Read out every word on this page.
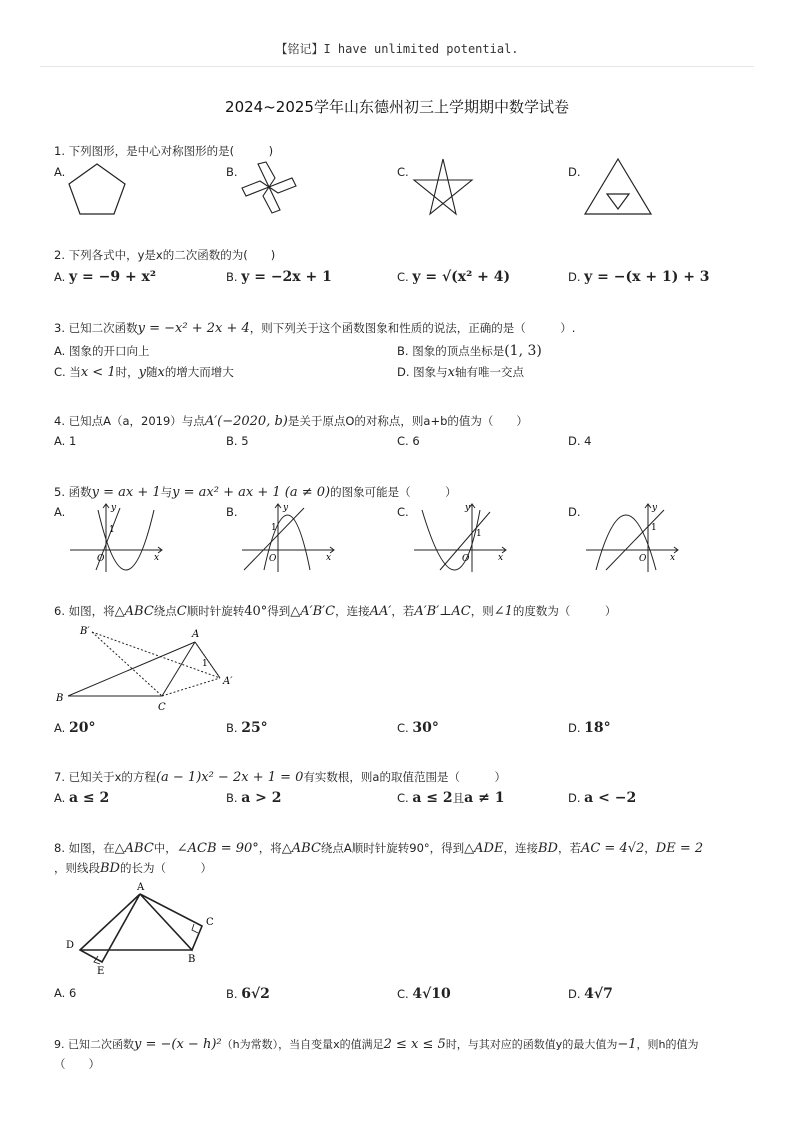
【铭记】I have unlimited potential.
2024~2025学年山东德州初三上学期期中数学试卷
1. 下列图形，是中心对称图形的是(　　　)
A.	B.	C.	D.
2. 下列各式中，y是x的二次函数的为(　　)
A. y = −9 + x²	B. y = −2x + 1	C. y = √(x² + 4)	D. y = −(x + 1) + 3
3. 已知二次函数y = −x² + 2x + 4，则下列关于这个函数图象和性质的说法，正确的是（　　　）.
A. 图象的开口向上	B. 图象的顶点坐标是(1, 3)
C. 当x < 1时，y随x的增大而增大	D. 图象与x轴有唯一交点
4. 已知点A（a，2019）与点A′(−2020, b)是关于原点O的对称点，则a+b的值为（　　）
A. 1	B. 5	C. 6	D. 4
5. 函数y = ax + 1与y = ax² + ax + 1 (a ≠ 0)的图象可能是（　　　）
A.	B.	C.	D.
y
x
O
1
y
x
O
1
y
x
O
1
y
x
O
1
6. 如图，将△ABC绕点C顺时针旋转40°得到△A′B′C，连接AA′，若A′B′⊥AC，则∠1的度数为（　　　）
B′	A
A′
B
C
1
A. 20°	B. 25°	C. 30°	D. 18°
7. 已知关于x的方程(a − 1)x² − 2x + 1 = 0有实数根，则a的取值范围是（　　　）
A. a ≤ 2	B. a > 2	C. a ≤ 2且a ≠ 1	D. a < −2
8. 如图，在△ABC中，∠ACB = 90°，将△ABC绕点A顺时针旋转90°，得到△ADE，连接BD，若AC = 4√2，DE = 2
，则线段BD的长为（　　　）
A
C
D
B
E
A. 6	B. 6√2	C. 4√10	D. 4√7
9. 已知二次函数y = −(x − h)²（h为常数），当自变量x的值满足2 ≤ x ≤ 5时，与其对应的函数值y的最大值为−1，则h的值为
（　　）
